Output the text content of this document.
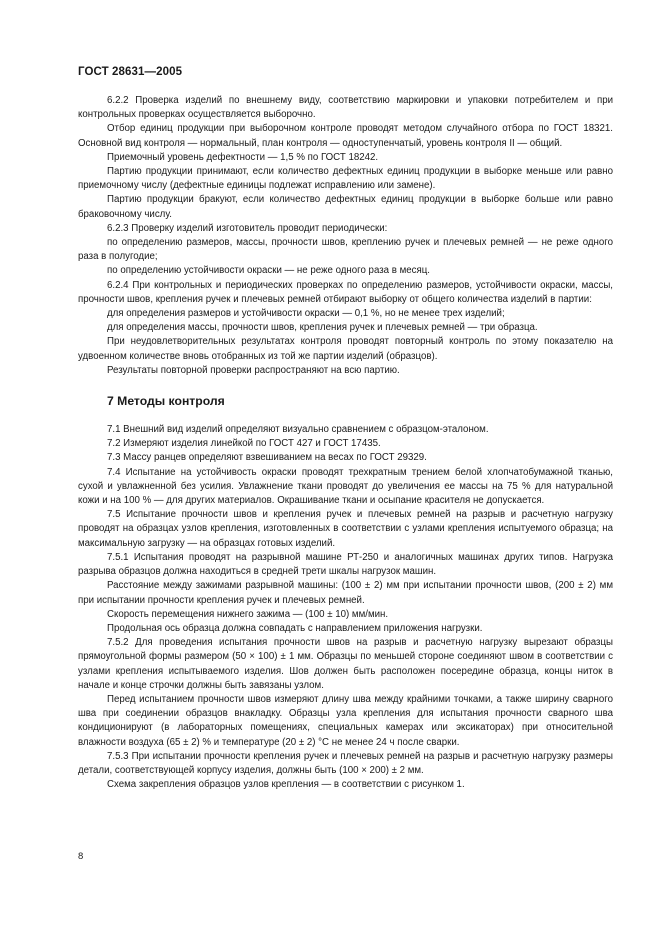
ГОСТ 28631—2005

6.2.2 Проверка изделий по внешнему виду, соответствию маркировки и упаковки потребителем и при контрольных проверках осуществляется выборочно.

Отбор единиц продукции при выборочном контроле проводят методом случайного отбора по ГОСТ 18321. Основной вид контроля — нормальный, план контроля — одноступенчатый, уровень контроля II — общий.

Приемочный уровень дефектности — 1,5 % по ГОСТ 18242.

Партию продукции принимают, если количество дефектных единиц продукции в выборке меньше или равно приемочному числу (дефектные единицы подлежат исправлению или замене).

Партию продукции бракуют, если количество дефектных единиц продукции в выборке больше или равно браковочному числу.

6.2.3 Проверку изделий изготовитель проводит периодически:

по определению размеров, массы, прочности швов, креплению ручек и плечевых ремней — не реже одного раза в полугодие;

по определению устойчивости окраски — не реже одного раза в месяц.

6.2.4 При контрольных и периодических проверках по определению размеров, устойчивости окраски, массы, прочности швов, крепления ручек и плечевых ремней отбирают выборку от общего количества изделий в партии:

для определения размеров и устойчивости окраски — 0,1 %, но не менее трех изделий;

для определения массы, прочности швов, крепления ручек и плечевых ремней — три образца.

При неудовлетворительных результатах контроля проводят повторный контроль по этому показателю на удвоенном количестве вновь отобранных из той же партии изделий (образцов).

Результаты повторной проверки распространяют на всю партию.

7 Методы контроля

7.1 Внешний вид изделий определяют визуально сравнением с образцом-эталоном.

7.2 Измеряют изделия линейкой по ГОСТ 427 и ГОСТ 17435.

7.3 Массу ранцев определяют взвешиванием на весах по ГОСТ 29329.

7.4 Испытание на устойчивость окраски проводят трехкратным трением белой хлопчатобумажной тканью, сухой и увлажненной без усилия. Увлажнение ткани проводят до увеличения ее массы на 75 % для натуральной кожи и на 100 % — для других материалов. Окрашивание ткани и осыпание красителя не допускается.

7.5 Испытание прочности швов и крепления ручек и плечевых ремней на разрыв и расчетную нагрузку проводят на образцах узлов крепления, изготовленных в соответствии с узлами крепления испытуемого образца; на максимальную загрузку — на образцах готовых изделий.

7.5.1 Испытания проводят на разрывной машине РТ-250 и аналогичных машинах других типов. Нагрузка разрыва образцов должна находиться в средней трети шкалы нагрузок машин.

Расстояние между зажимами разрывной машины: (100 ± 2) мм при испытании прочности швов, (200 ± 2) мм при испытании прочности крепления ручек и плечевых ремней.

Скорость перемещения нижнего зажима — (100 ± 10) мм/мин.

Продольная ось образца должна совпадать с направлением приложения нагрузки.

7.5.2 Для проведения испытания прочности швов на разрыв и расчетную нагрузку вырезают образцы прямоугольной формы размером (50 × 100) ± 1 мм. Образцы по меньшей стороне соединяют швом в соответствии с узлами крепления испытываемого изделия. Шов должен быть расположен посередине образца, концы ниток в начале и конце строчки должны быть завязаны узлом.

Перед испытанием прочности швов измеряют длину шва между крайними точками, а также ширину сварного шва при соединении образцов внакладку. Образцы узла крепления для испытания прочности сварного шва кондиционируют (в лабораторных помещениях, специальных камерах или эксикаторах) при относительной влажности воздуха (65 ± 2) % и температуре (20 ± 2) °С не менее 24 ч после сварки.

7.5.3 При испытании прочности крепления ручек и плечевых ремней на разрыв и расчетную нагрузку размеры детали, соответствующей корпусу изделия, должны быть (100 × 200) ± 2 мм.

Схема закрепления образцов узлов крепления — в соответствии с рисунком 1.

8
